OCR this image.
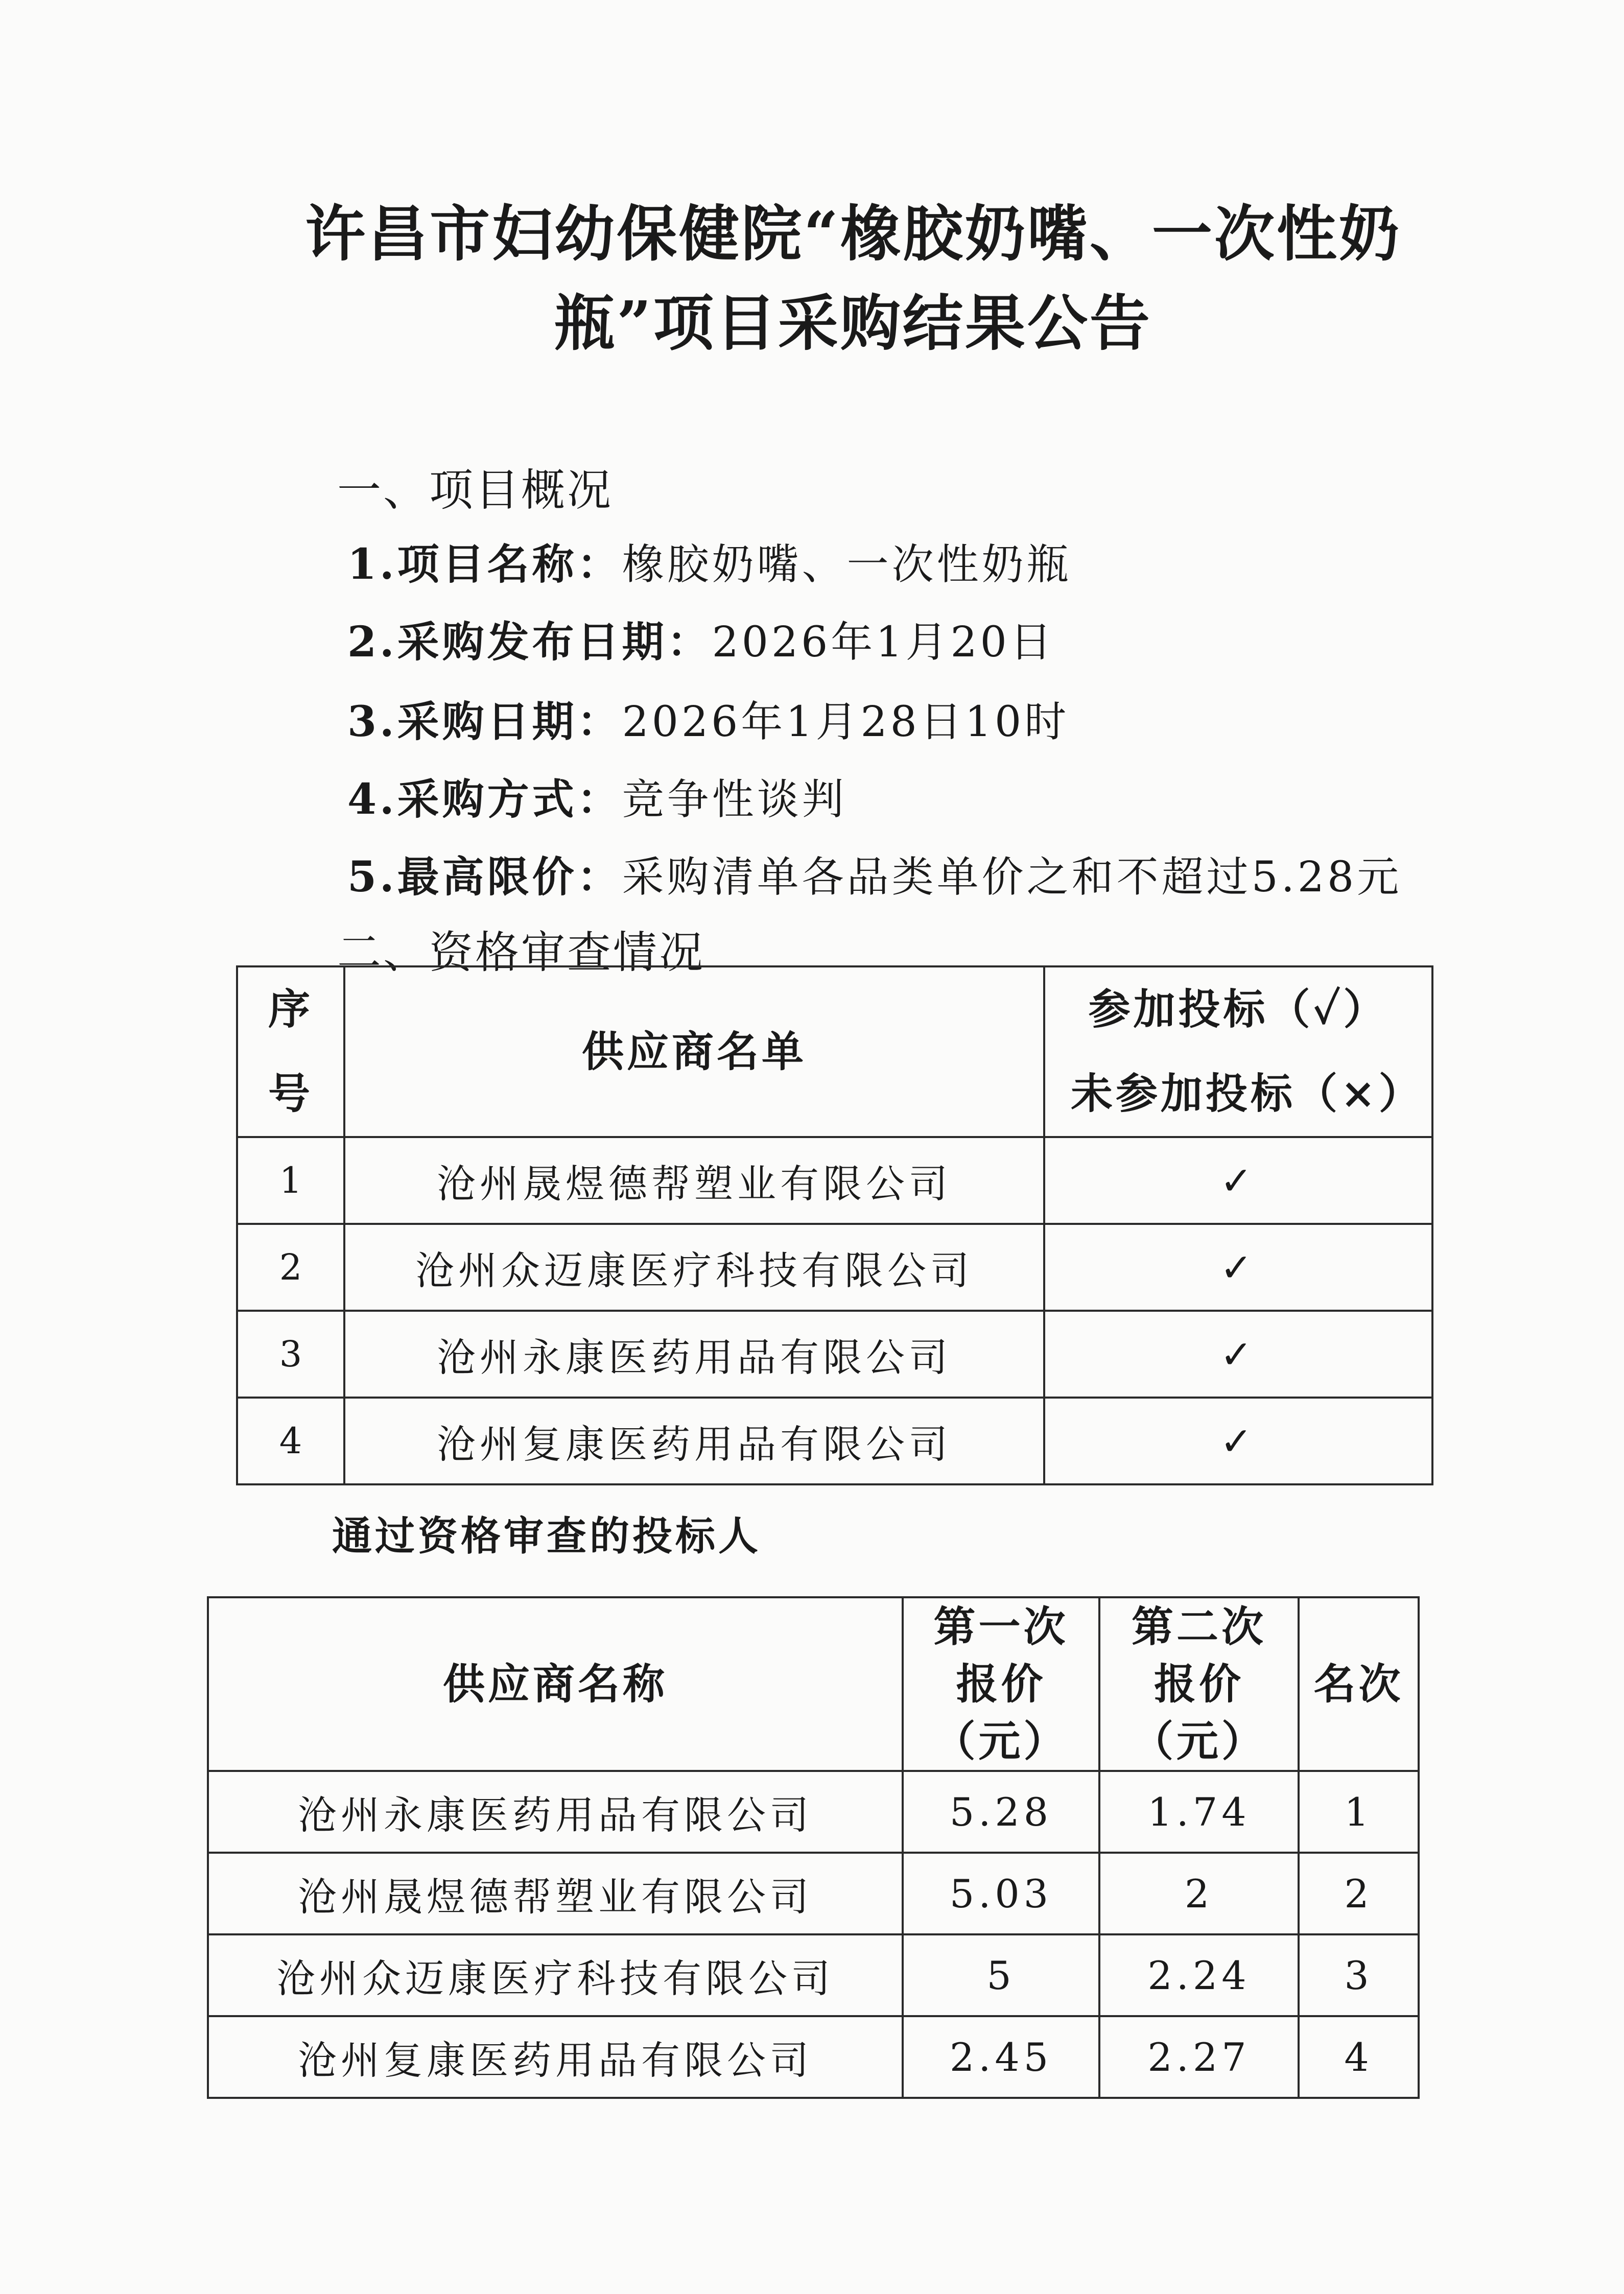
许昌市妇幼保健院“橡胶奶嘴、一次性奶瓶”项目采购结果公告
一、项目概况
1.项目名称：橡胶奶嘴、一次性奶瓶
2.采购发布日期：2026年1月20日
3.采购日期：2026年1月28日10时
4.采购方式：竞争性谈判
5.最高限价：采购清单各品类单价之和不超过5.28元
二、资格审查情况
序号	供应商名单	参加投标（✓）未参加投标（×）
1	沧州晟煜德帮塑业有限公司	✓
2	沧州众迈康医疗科技有限公司	✓
3	沧州永康医药用品有限公司	✓
4	沧州复康医药用品有限公司	✓
通过资格审查的投标人
供应商名称	第一次报价（元）	第二次报价（元）	名次
沧州永康医药用品有限公司	5.28	1.74	1
沧州晟煜德帮塑业有限公司	5.03	2	2
沧州众迈康医疗科技有限公司	5	2.24	3
沧州复康医药用品有限公司	2.45	2.27	4
